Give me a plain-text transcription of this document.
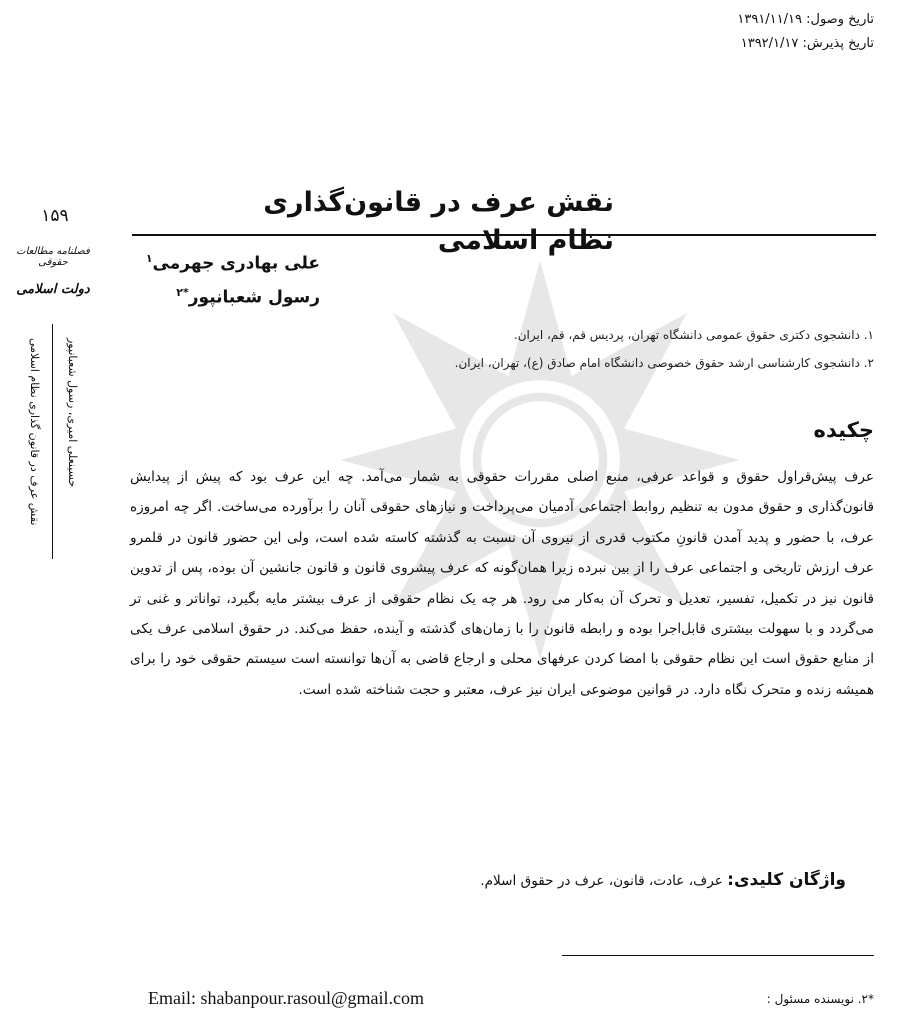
تاریخ وصول: ۱۳۹۱/۱۱/۱۹
تاریخ پذیرش: ۱۳۹۲/۱/۱۷
نقش عرف در قانون‌گذاری نظام اسلامی
علی بهادری جهرمی$^۱$
رسول شعبانپور$^{*۲}$
۱. دانشجوی دکتری حقوق عمومی دانشگاه تهران، پردیس قم، قم، ایران.
۲. دانشجوی کارشناسی ارشد حقوق خصوصی دانشگاه امام صادق (ع)، تهران، ایران.
چکیده
عرف پیش‌قراول حقوق و قواعد عرفی، منبع اصلی مقررات حقوقی به شمار می‌آمد. چه این عرف بود که پیش از پیدایش قانون‌گذاری و حقوق مدون به تنظیم روابط اجتماعی آدمیان می‌پرداخت و نیازهای حقوقی آنان را برآورده می‌ساخت. اگر چه امروزه عرف، با حضور و پدید آمدن قانونِ مکتوب قدری از نیروی آن نسبت به گذشته کاسته شده است، ولی این حضور قانون در قلمرو عرف ارزش تاریخی و اجتماعی عرف را از بین نبرده زیرا همان‌گونه که عرف پیشروی قانون و قانون جانشین آن بوده، پس از تدوین قانون نیز در تکمیل، تفسیر، تعدیل و تحرک آن به‌کار می رود. هر چه یک نظام حقوقی از عرف بیشتر مایه بگیرد، تواناتر و غنی تر می‌گردد و با سهولت بیشتری قابل‌اجرا بوده و رابطه قانون را با زمان‌های گذشته و آینده، حفظ می‌کند. در حقوق اسلامی عرف یکی از منابع حقوق است این نظام حقوقی با امضا کردن عرفهای محلی و ارجاع قاضی به آن‌ها توانسته است سیستم حقوقی خود را برای همیشه زنده و متحرک نگاه دارد. در قوانین موضوعی ایران نیز عرف، معتبر و حجت شناخته شده است.
واژگان کلیدی: عرف، عادت، قانون، عرف در حقوق اسلام.
*۲. نویسنده مسئول :
Email: shabanpour.rasoul@gmail.com
۱۵۹
فصلنامه مطالعات حقوقی
دولت اسلامی
نقش عرف در قانون گذاری نظام اسلامی حسینعلی امیری، رسول شعبانپور
